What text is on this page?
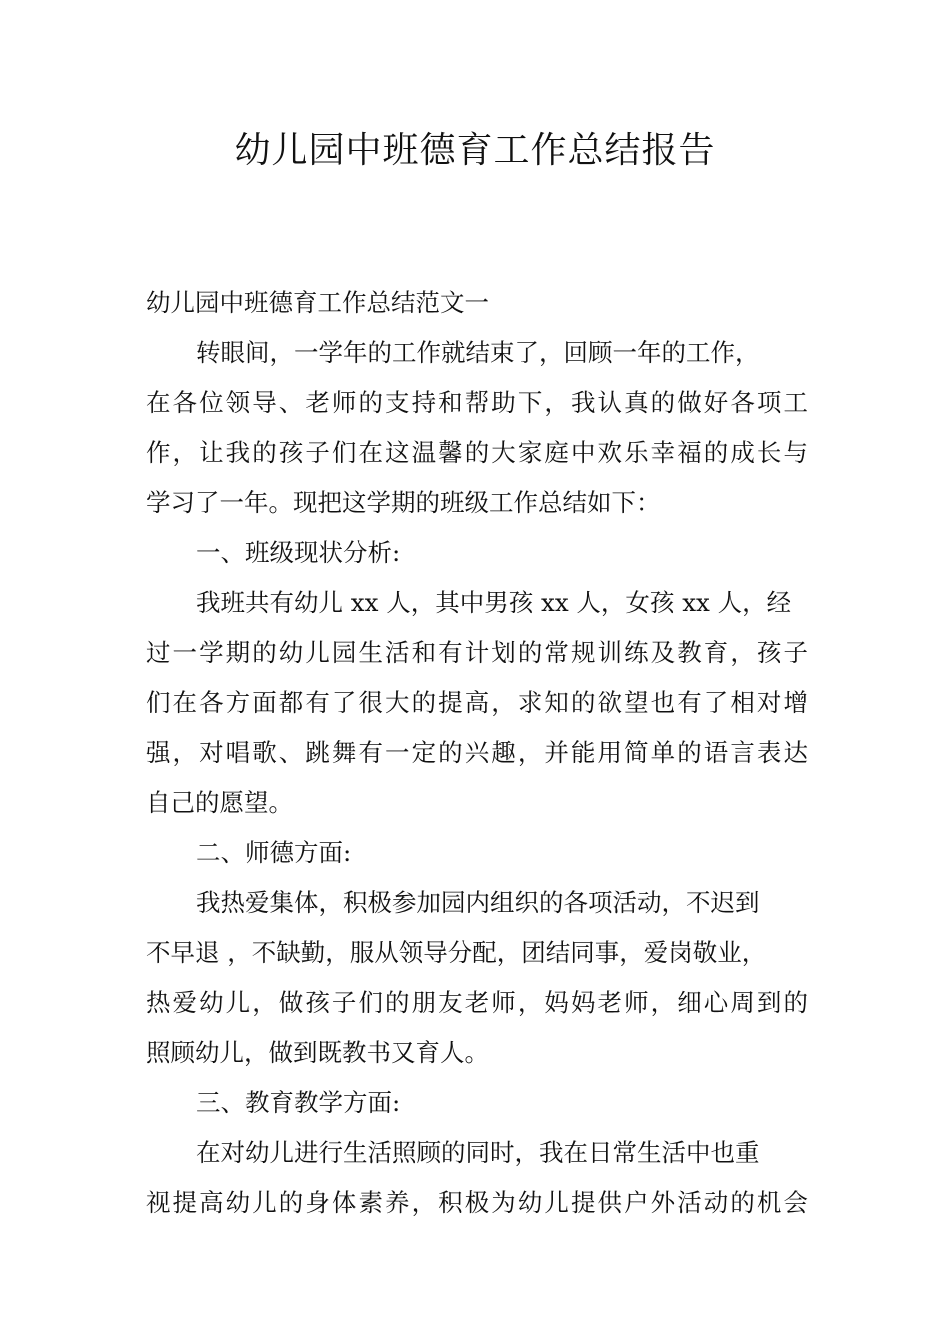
幼儿园中班德育工作总结报告
幼儿园中班德育工作总结范文一
转眼间，一学年的工作就结束了，回顾一年的工作，
在各位领导、老师的支持和帮助下，我认真的做好各项工
作，让我的孩子们在这温馨的大家庭中欢乐幸福的成长与
学习了一年。现把这学期的班级工作总结如下：
一、班级现状分析:
我班共有幼儿 xx 人，其中男孩 xx 人，女孩 xx 人，经
过一学期的幼儿园生活和有计划的常规训练及教育，孩子
们在各方面都有了很大的提高，求知的欲望也有了相对增
强，对唱歌、跳舞有一定的兴趣，并能用简单的语言表达
自己的愿望。
二、师德方面:
我热爱集体，积极参加园内组织的各项活动，不迟到
不早退 ，不缺勤，服从领导分配，团结同事，爱岗敬业，
热爱幼儿，做孩子们的朋友老师，妈妈老师，细心周到的
照顾幼儿，做到既教书又育人。
三、教育教学方面:
在对幼儿进行生活照顾的同时，我在日常生活中也重
视提高幼儿的身体素养，积极为幼儿提供户外活动的机会
